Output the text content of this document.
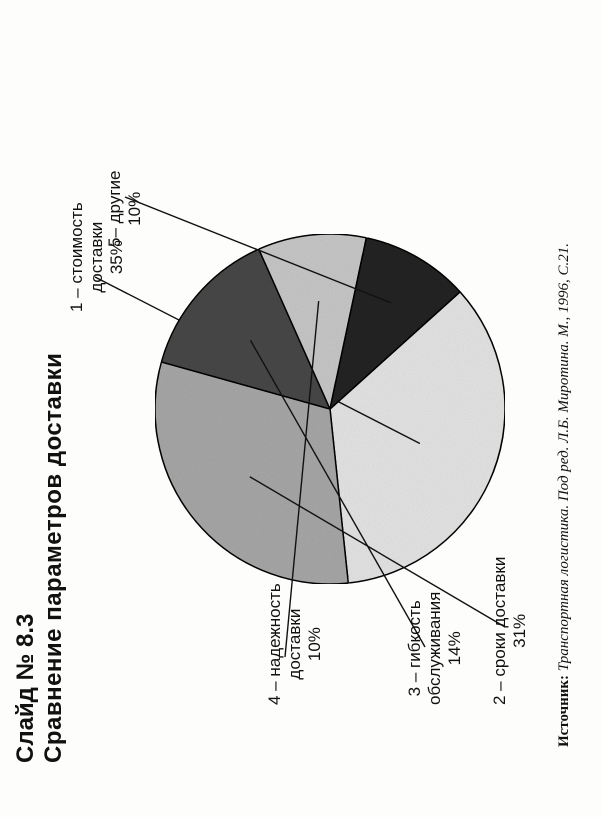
Слайд № 8.3 Сравнение параметров доставки
1 – стоимостьдоставки35%
2 – сроки доставки31%
3 – гибкостьобслуживания14%
4 – надежностьдоставки10%
5– другие10%
Источник: Транспортная логистика. Под ред. Л.Б. Миротина. М., 1996, С.21.
